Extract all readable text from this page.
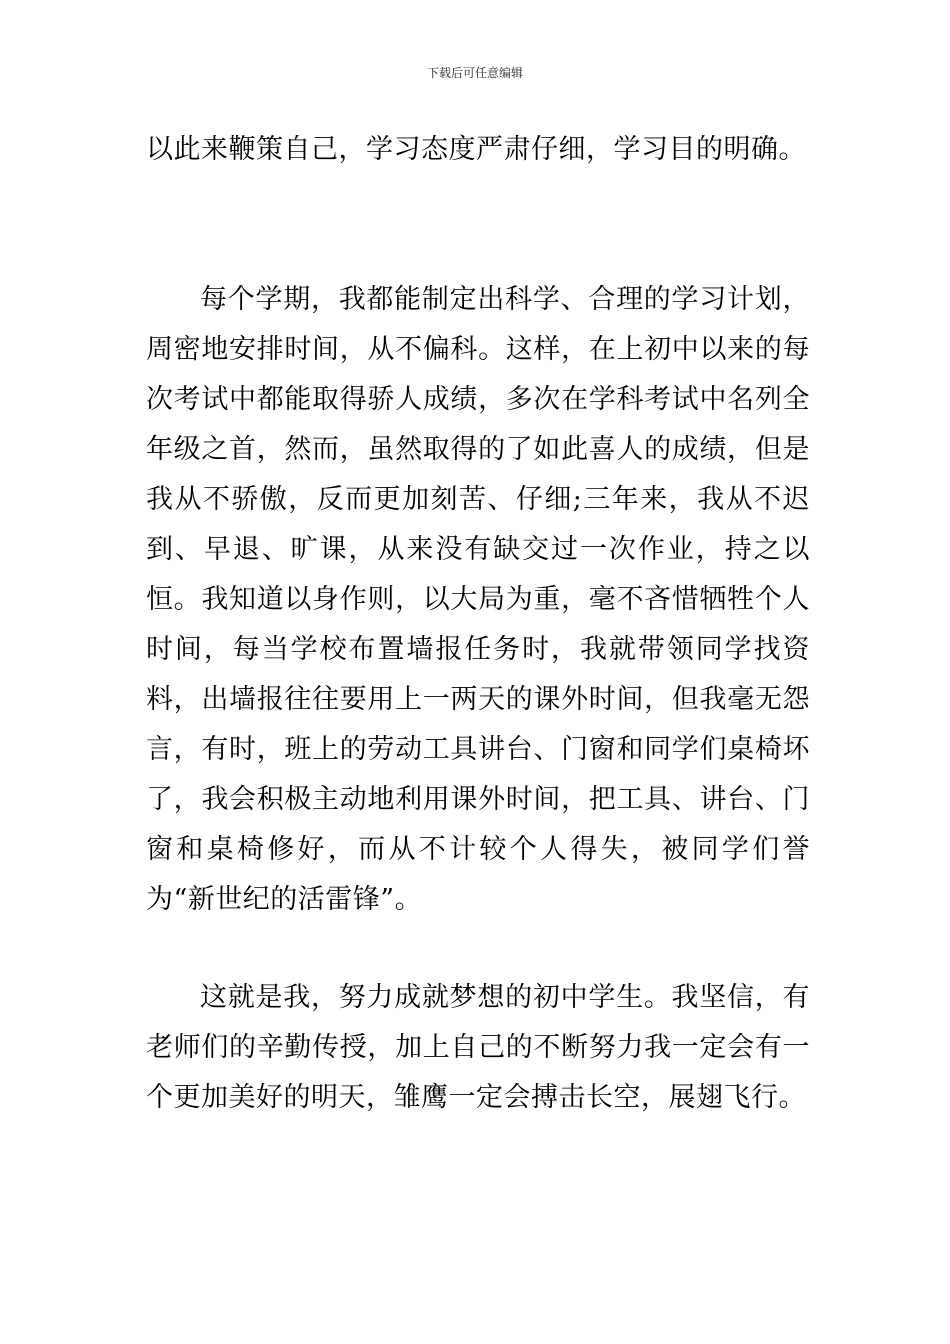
下载后可任意编辑

以此来鞭策自己，学习态度严肃仔细，学习目的明确。

每个学期，我都能制定出科学、合理的学习计划，周密地安排时间，从不偏科。这样，在上初中以来的每次考试中都能取得骄人成绩，多次在学科考试中名列全年级之首，然而，虽然取得的了如此喜人的成绩，但是我从不骄傲，反而更加刻苦、仔细;三年来，我从不迟到、早退、旷课，从来没有缺交过一次作业，持之以恒。我知道以身作则，以大局为重，毫不吝惜牺牲个人时间，每当学校布置墙报任务时，我就带领同学找资料，出墙报往往要用上一两天的课外时间，但我毫无怨言，有时，班上的劳动工具讲台、门窗和同学们桌椅坏了，我会积极主动地利用课外时间，把工具、讲台、门窗和桌椅修好，而从不计较个人得失，被同学们誉为“新世纪的活雷锋”。

这就是我，努力成就梦想的初中学生。我坚信，有老师们的辛勤传授，加上自己的不断努力我一定会有一个更加美好的明天，雏鹰一定会搏击长空，展翅飞行。
